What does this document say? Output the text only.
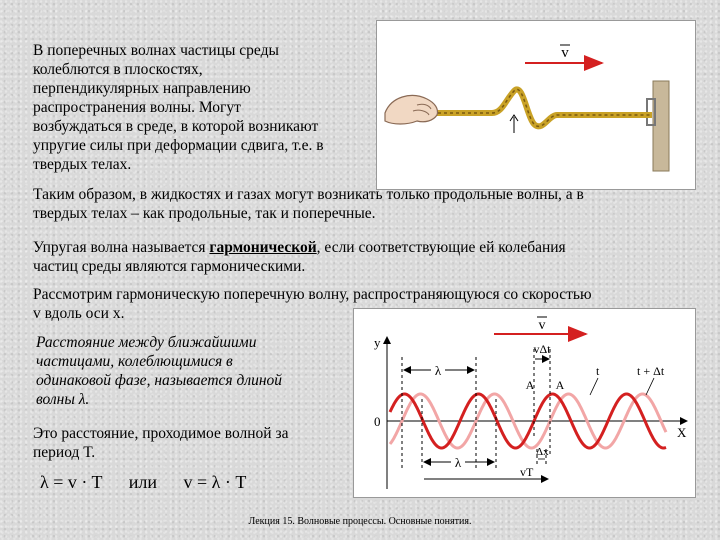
В поперечных волнах частицы среды
колеблются в плоскостях,
перпендикулярных направлению
распространения волны. Могут
возбуждаться в среде, в которой возникают
упругие силы при деформации сдвига, т.е. в
твердых телах.
v
Таким образом, в жидкостях и газах могут возникать только продольные волны, а в
твердых телах – как продольные, так и поперечные.
Упругая волна называется гармонической, если соответствующие ей колебания
частиц среды являются гармоническими.
Рассмотрим гармоническую поперечную волну, распространяющуюся со скоростью
v вдоль оси x.
Расстояние между ближайшими
частицами, колеблющимися в
одинаковой фазе, называется длиной
волны λ.
Это расстояние, проходимое волной за
период Т.
λ = v · T или v = λ · T
v
y
X
0
λ
λ
vΔt
A A
t	t + Δt
vT
Δx
Лекция 15. Волновые процессы. Основные понятия.
